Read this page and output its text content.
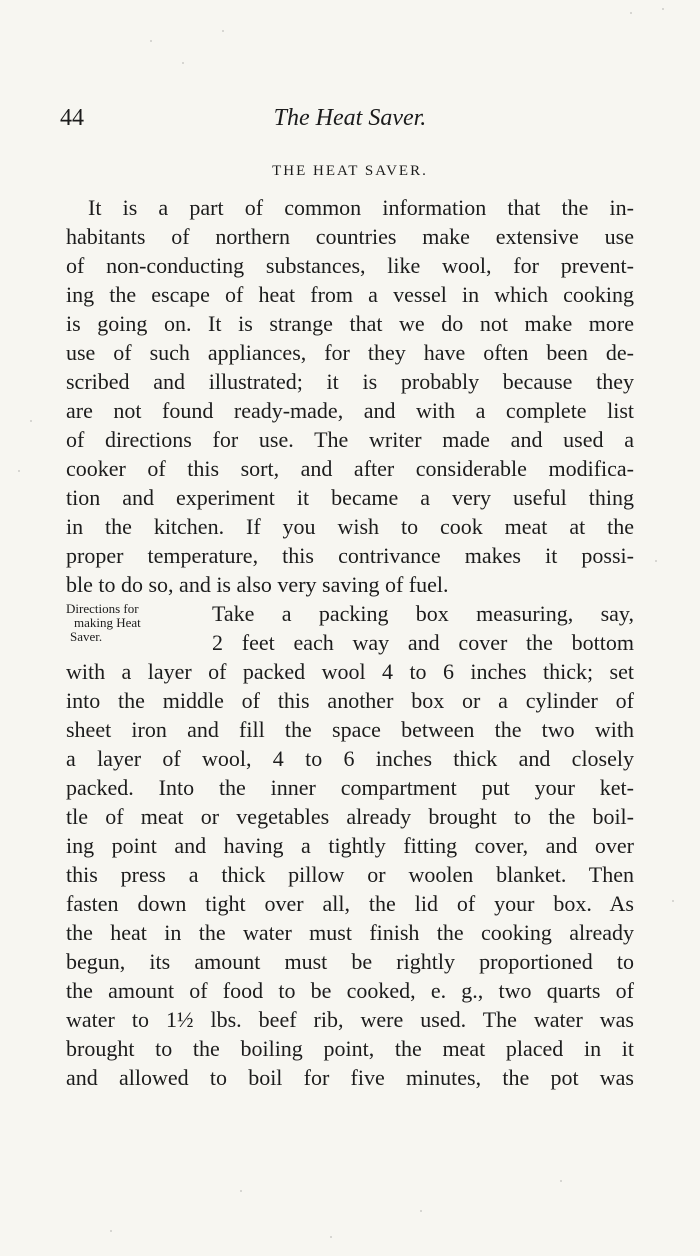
44	The Heat Saver.
THE HEAT SAVER.
It is a part of common information that the in-
habitants of northern countries make extensive use
of non-conducting substances, like wool, for prevent-
ing the escape of heat from a vessel in which cooking
is going on. It is strange that we do not make more
use of such appliances, for they have often been de-
scribed and illustrated; it is probably because they
are not found ready-made, and with a complete list
of directions for use. The writer made and used a
cooker of this sort, and after considerable modifica-
tion and experiment it became a very useful thing
in the kitchen. If you wish to cook meat at the
proper temperature, this contrivance makes it possi-
ble to do so, and is also very saving of fuel.
Directions for
making Heat
Saver.
Take a packing box measuring, say,
2 feet each way and cover the bottom
with a layer of packed wool 4 to 6 inches thick; set
into the middle of this another box or a cylinder of
sheet iron and fill the space between the two with
a layer of wool, 4 to 6 inches thick and closely
packed. Into the inner compartment put your ket-
tle of meat or vegetables already brought to the boil-
ing point and having a tightly fitting cover, and over
this press a thick pillow or woolen blanket. Then
fasten down tight over all, the lid of your box. As
the heat in the water must finish the cooking already
begun, its amount must be rightly proportioned to
the amount of food to be cooked, e. g., two quarts of
water to 1½ lbs. beef rib, were used. The water was
brought to the boiling point, the meat placed in it
and allowed to boil for five minutes, the pot was
